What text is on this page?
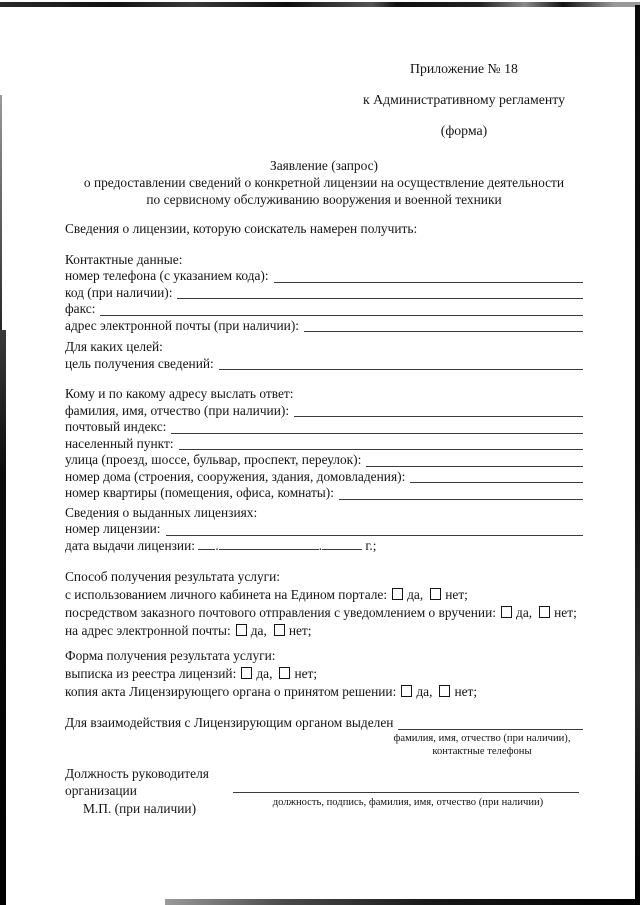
Приложение № 18
к Административному регламенту
(форма)
Заявление (запрос)
о предоставлении сведений о конкретной лицензии на осуществление деятельности
по сервисному обслуживанию вооружения и военной техники
Сведения о лицензии, которую соискатель намерен получить:
Контактные данные:
номер телефона (с указанием кода):
код (при наличии):
факс:
адрес электронной почты (при наличии):
Для каких целей:
цель получения сведений:
Кому и по какому адресу выслать ответ:
фамилия, имя, отчество (при наличии):
почтовый индекс:
населенный пункт:
улица (проезд, шоссе, бульвар, проспект, переулок):
номер дома (строения, сооружения, здания, домовладения):
номер квартиры (помещения, офиса, комнаты):
Сведения о выданных лицензиях:
номер лицензии:
дата выдачи лицензии: .	.	г.;
Способ получения результата услуги:
с использованием личного кабинета на Едином портале: да, нет;
посредством заказного почтового отправления с уведомлением о вручении: да, нет;
на адрес электронной почты: да, нет;
Форма получения результата услуги:
выписка из реестра лицензий: да, нет;
копия акта Лицензирующего органа о принятом решении: да, нет;
Для взаимодействия с Лицензирующим органом выделен
фамилия, имя, отчество (при наличии),
контактные телефоны
Должность руководителя
организации
М.П. (при наличии)	должность, подпись, фамилия, имя, отчество (при наличии)
